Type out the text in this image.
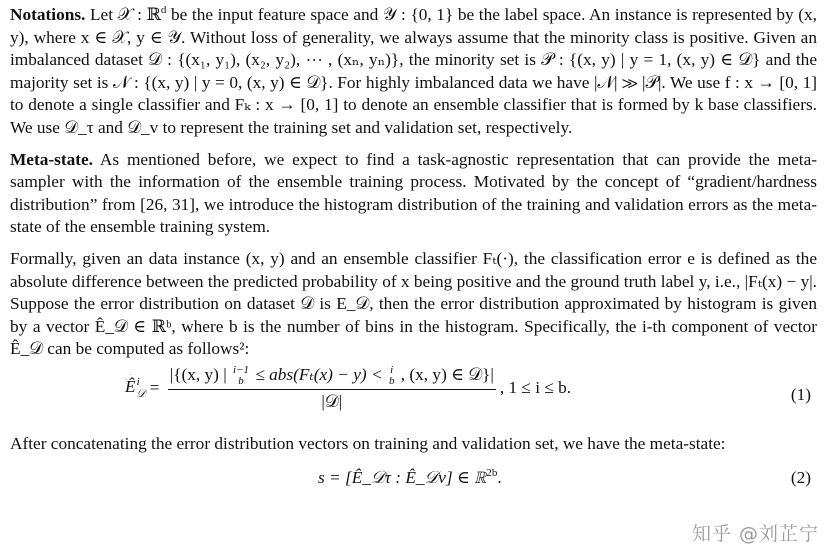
Notations. Let 𝒳 : ℝ$^d$ be the input feature space and 𝒴 : {0, 1} be the label space. An instance is represented by (x, y), where x ∈ 𝒳, y ∈ 𝒴. Without loss of generality, we always assume that the minority class is positive. Given an imbalanced dataset 𝒟 : {(x₁, y₁), (x₂, y₂), ⋯ , (xₙ, yₙ)}, the minority set is 𝒫 : {(x, y) | y = 1, (x, y) ∈ 𝒟} and the majority set is 𝒩 : {(x, y) | y = 0, (x, y) ∈ 𝒟}. For highly imbalanced data we have |𝒩| ≫ |𝒫|. We use f : x → [0, 1] to denote a single classifier and Fₖ : x → [0, 1] to denote an ensemble classifier that is formed by k base classifiers. We use 𝒟_τ and 𝒟_v to represent the training set and validation set, respectively.

Meta-state. As mentioned before, we expect to find a task-agnostic representation that can provide the meta-sampler with the information of the ensemble training process. Motivated by the concept of “gradient/hardness distribution” from [26, 31], we introduce the histogram distribution of the training and validation errors as the meta-state of the ensemble training system.

Formally, given an data instance (x, y) and an ensemble classifier Fₜ(·), the classification error e is defined as the absolute difference between the predicted probability of x being positive and the ground truth label y, i.e., |Fₜ(x) − y|. Suppose the error distribution on dataset 𝒟 is E_𝒟, then the error distribution approximated by histogram is given by a vector Ê_𝒟 ∈ ℝᵇ, where b is the number of bins in the histogram. Specifically, the i-th component of vector Ê_𝒟 can be computed as follows²:

Ê i
𝒟 = |{(x, y) | i−1
b ≤ abs(Fₜ(x) − y) < i
b , (x, y) ∈ 𝒟}|
|𝒟| , 1 ≤ i ≤ b.	(1)

After concatenating the error distribution vectors on training and validation set, we have the meta-state:

s = [Ê_𝒟τ : Ê_𝒟v] ∈ ℝ$^{2b}$.	(2)
知乎 @刘芷宁
